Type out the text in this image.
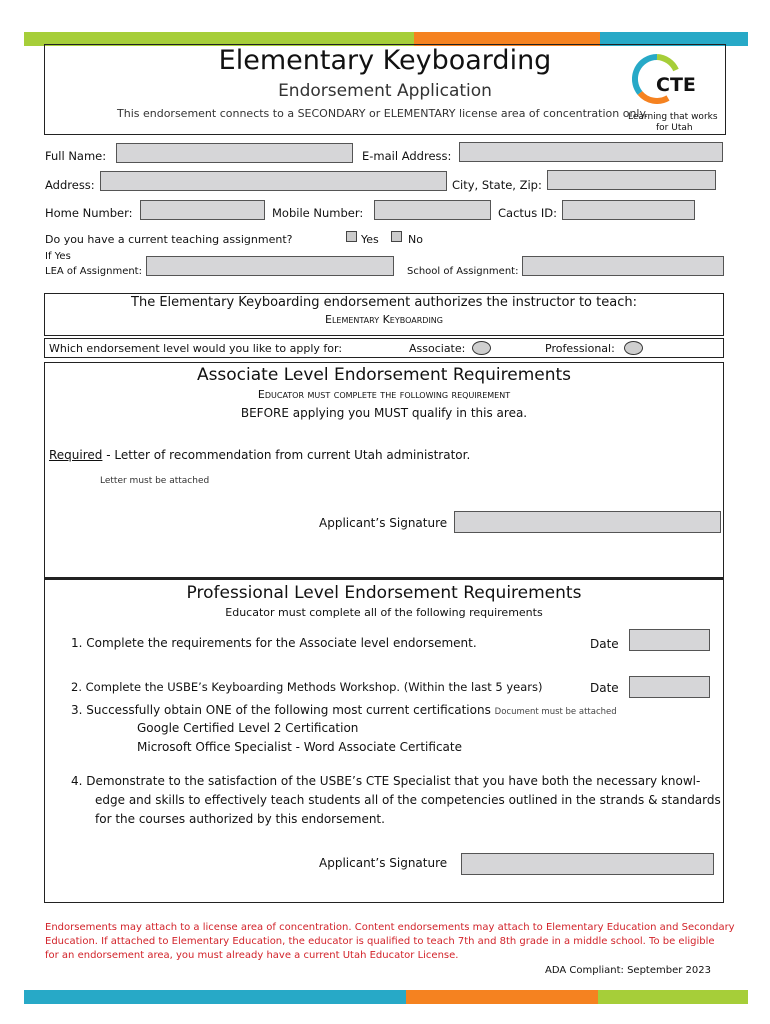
Elementary Keyboarding
Endorsement Application
This endorsement connects to a SECONDARY or ELEMENTARY license area of concentration only.
CTE
Learning that works
for Utah
Full Name:	E-mail Address:
Address:	City, State, Zip:
Home Number:	Mobile Number:	Cactus ID:
Do you have a current teaching assignment?	Yes	No
If Yes
LEA of Assignment:	School of Assignment:
The Elementary Keyboarding endorsement authorizes the instructor to teach:
Elementary Keyboarding
Which endorsement level would you like to apply for:	Associate:	Professional:
Associate Level Endorsement Requirements
Educator must complete the following requirement
BEFORE applying you MUST qualify in this area.
Required - Letter of recommendation from current Utah administrator.
Letter must be attached
Applicant’s Signature
Professional Level Endorsement Requirements
Educator must complete all of the following requirements
1. Complete the requirements for the Associate level endorsement.	Date
2. Complete the USBE’s Keyboarding Methods Workshop. (Within the last 5 years)	Date
3. Successfully obtain ONE of the following most current certifications Document must be attached
Google Certified Level 2 Certification
Microsoft Office Specialist - Word Associate Certificate
4. Demonstrate to the satisfaction of the USBE’s CTE Specialist that you have both the necessary knowl-
edge and skills to effectively teach students all of the competencies outlined in the strands & standards
for the courses authorized by this endorsement.
Applicant’s Signature
Endorsements may attach to a license area of concentration. Content endorsements may attach to Elementary Education and Secondary
Education. If attached to Elementary Education, the educator is qualified to teach 7th and 8th grade in a middle school. To be eligible
for an endorsement area, you must already have a current Utah Educator License.
ADA Compliant: September 2023
